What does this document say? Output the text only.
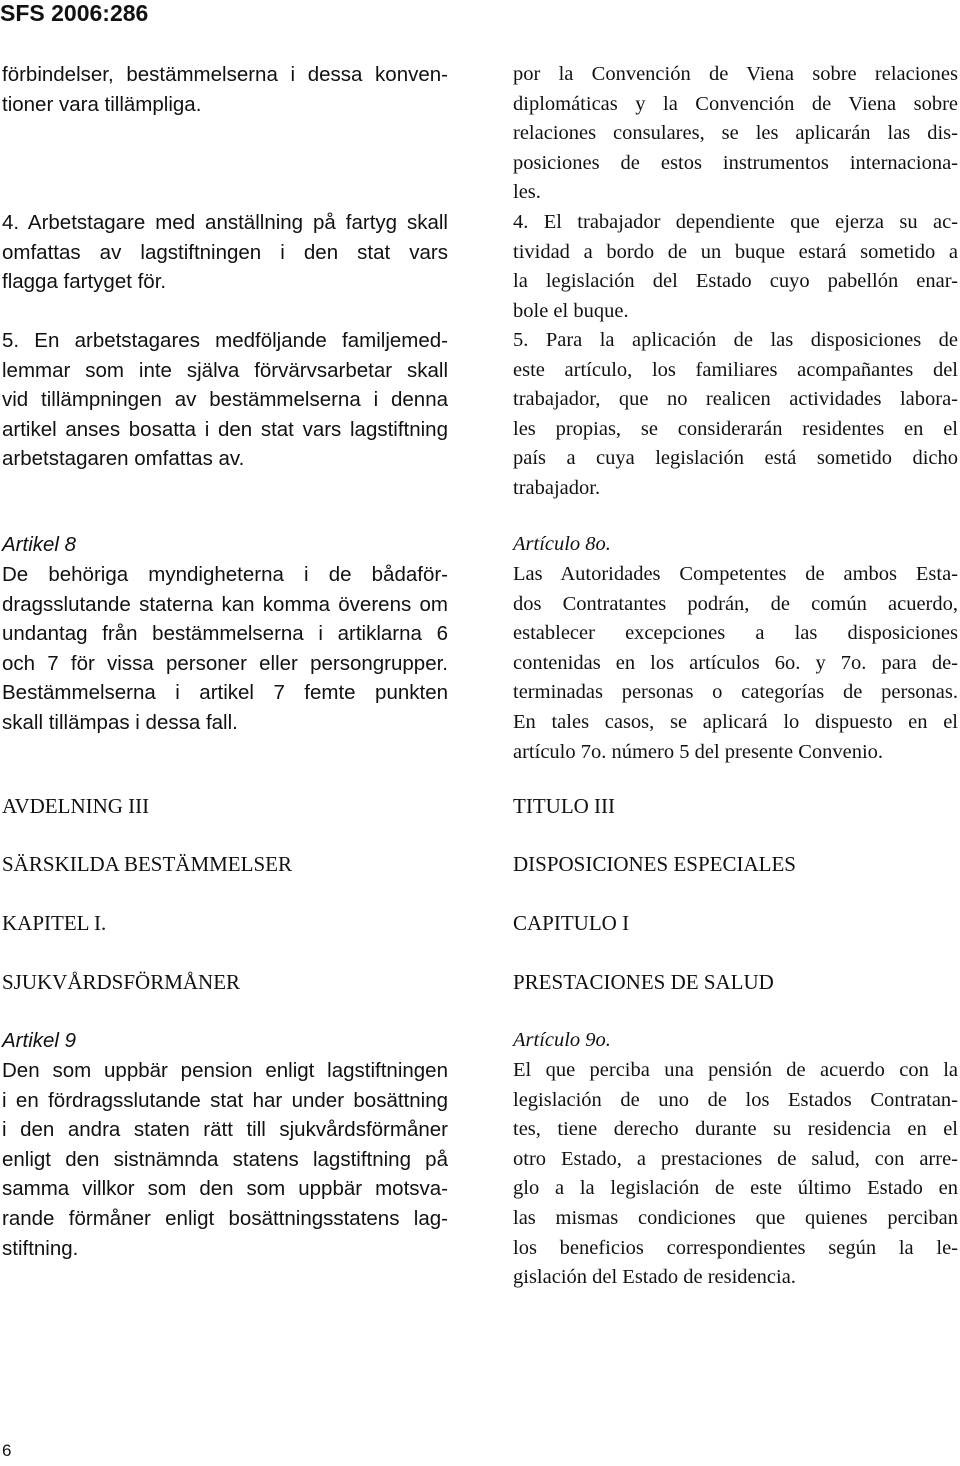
SFS 2006:286
förbindelser, bestämmelserna i dessa konven-
tioner vara tillämpliga.
4. Arbetstagare med anställning på fartyg skall
omfattas av lagstiftningen i den stat vars
flagga fartyget för.
5. En arbetstagares medföljande familjemed-
lemmar som inte själva förvärvsarbetar skall
vid tillämpningen av bestämmelserna i denna
artikel anses bosatta i den stat vars lagstiftning
arbetstagaren omfattas av.
Artikel 8
De behöriga myndigheterna i de bådaför-
dragsslutande staterna kan komma överens om
undantag från bestämmelserna i artiklarna 6
och 7 för vissa personer eller persongrupper.
Bestämmelserna i artikel 7 femte punkten
skall tillämpas i dessa fall.
AVDELNING III
SÄRSKILDA BESTÄMMELSER
KAPITEL I.
SJUKVÅRDSFÖRMÅNER
Artikel 9
Den som uppbär pension enligt lagstiftningen
i en fördragsslutande stat har under bosättning
i den andra staten rätt till sjukvårdsförmåner
enligt den sistnämnda statens lagstiftning på
samma villkor som den som uppbär motsva-
rande förmåner enligt bosättningsstatens lag-
stiftning.
por la Convención de Viena sobre relaciones
diplomáticas y la Convención de Viena sobre
relaciones consulares, se les aplicarán las dis-
posiciones de estos instrumentos internaciona-
les.
4. El trabajador dependiente que ejerza su ac-
tividad a bordo de un buque estará sometido a
la legislación del Estado cuyo pabellón enar-
bole el buque.
5. Para la aplicación de las disposiciones de
este artículo, los familiares acompañantes del
trabajador, que no realicen actividades labora-
les propias, se considerarán residentes en el
país a cuya legislación está sometido dicho
trabajador.
Artículo 8o.
Las Autoridades Competentes de ambos Esta-
dos Contratantes podrán, de común acuerdo,
establecer excepciones a las disposiciones
contenidas en los artículos 6o. y 7o. para de-
terminadas personas o categorías de personas.
En tales casos, se aplicará lo dispuesto en el
artículo 7o. número 5 del presente Convenio.
TITULO III
DISPOSICIONES ESPECIALES
CAPITULO I
PRESTACIONES DE SALUD
Artículo 9o.
El que perciba una pensión de acuerdo con la
legislación de uno de los Estados Contratan-
tes, tiene derecho durante su residencia en el
otro Estado, a prestaciones de salud, con arre-
glo a la legislación de este último Estado en
las mismas condiciones que quienes perciban
los beneficios correspondientes según la le-
gislación del Estado de residencia.
6
